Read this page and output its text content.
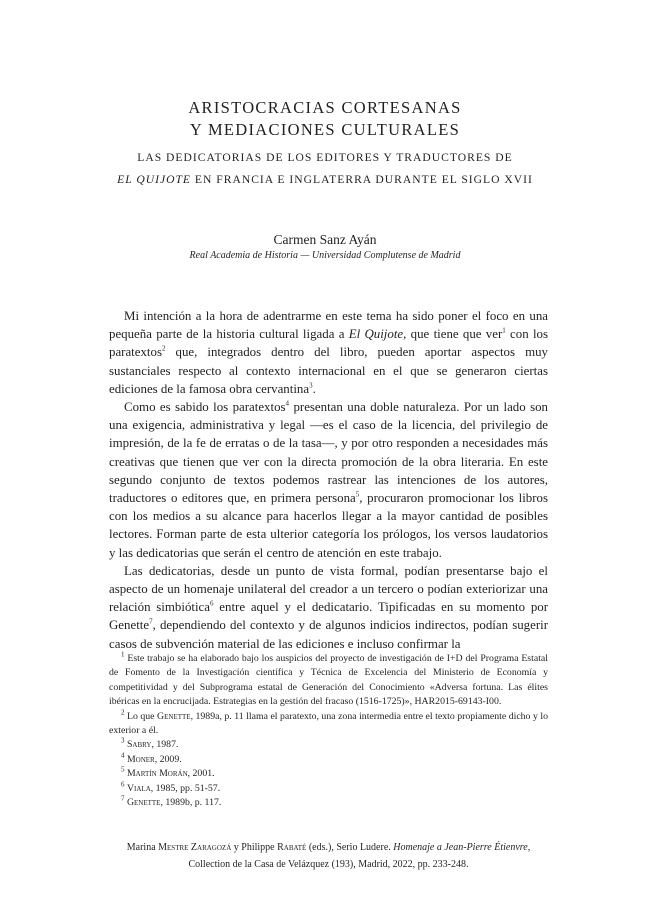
ARISTOCRACIAS CORTESANAS
Y MEDIACIONES CULTURALES
LAS DEDICATORIAS DE LOS EDITORES Y TRADUCTORES DE
EL QUIJOTE EN FRANCIA E INGLATERRA DURANTE EL SIGLO XVII
Carmen Sanz Ayán
Real Academia de Historia — Universidad Complutense de Madrid

Mi intención a la hora de adentrarme en este tema ha sido poner el foco en una pequeña parte de la historia cultural ligada a El Quijote, que tiene que ver$^1$ con los paratextos$^2$ que, integrados dentro del libro, pueden aportar aspectos muy sustanciales respecto al contexto internacional en el que se generaron ciertas ediciones de la famosa obra cervantina$^3$.

Como es sabido los paratextos$^4$ presentan una doble naturaleza. Por un lado son una exigencia, administrativa y legal —es el caso de la licencia, del privilegio de impresión, de la fe de erratas o de la tasa—, y por otro responden a necesidades más creativas que tienen que ver con la directa promoción de la obra literaria. En este segundo conjunto de textos podemos rastrear las intenciones de los autores, traductores o editores que, en primera persona$^5$, procuraron promocionar los libros con los medios a su alcance para hacerlos llegar a la mayor cantidad de posibles lectores. Forman parte de esta ulterior categoría los prólogos, los versos laudatorios y las dedicatorias que serán el centro de atención en este trabajo.

Las dedicatorias, desde un punto de vista formal, podían presentarse bajo el aspecto de un homenaje unilateral del creador a un tercero o podían exteriorizar una relación simbiótica$^6$ entre aquel y el dedicatario. Tipificadas en su momento por Genette$^7$, dependiendo del contexto y de algunos indicios indirectos, podían sugerir casos de subvención material de las ediciones e incluso confirmar la

$^1$ Este trabajo se ha elaborado bajo los auspicios del proyecto de investigación de I+D del Programa Estatal de Fomento de la Investigación científica y Técnica de Excelencia del Ministerio de Economía y competitividad y del Subprograma estatal de Generación del Conocimiento «Adversa fortuna. Las élites ibéricas en la encrucijada. Estrategias en la gestión del fracaso (1516-1725)», HAR2015-69143-I00.

$^2$ Lo que Genette, 1989a, p. 11 llama el paratexto, una zona intermedia entre el texto propiamente dicho y lo exterior a él.

$^3$ Sabry, 1987.

$^4$ Moner, 2009.

$^5$ Martín Morán, 2001.

$^6$ Viala, 1985, pp. 51-57.

$^7$ Genette, 1989b, p. 117.

Marina Mestre Zaragozá y Philippe Rabaté (eds.), Serio Ludere. Homenaje a Jean-Pierre Étienvre,
Collection de la Casa de Velázquez (193), Madrid, 2022, pp. 233-248.
